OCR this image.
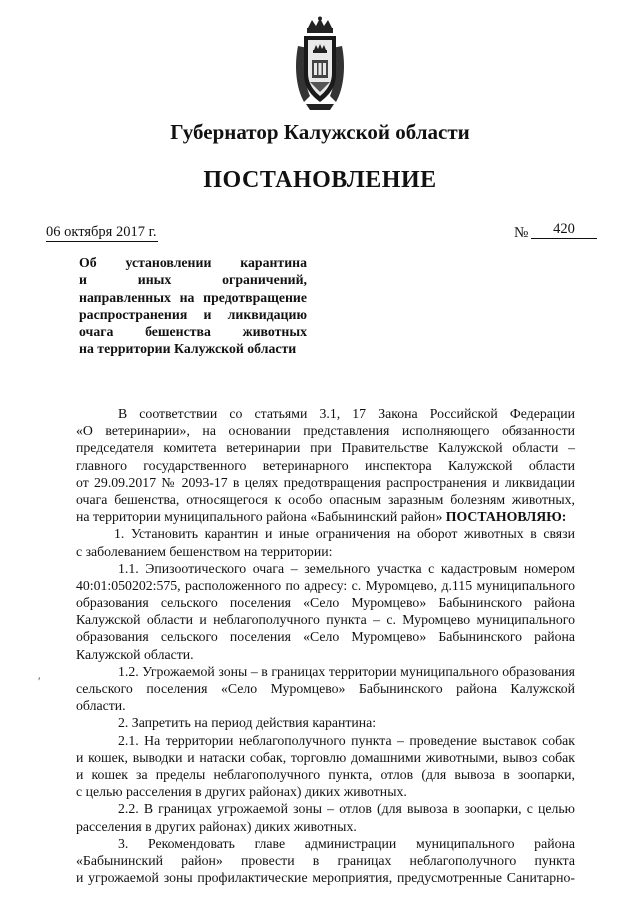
Губернатор Калужской области
ПОСТАНОВЛЕНИЕ
06 октября 2017 г.	№	420
Об установлении карантина
и иных ограничений,
направленных на предотвращение
распространения и ликвидацию
очага бешенства животных
на территории Калужской области
′
В соответствии со статьями 3.1, 17 Закона Российской Федерации
«О ветеринарии», на основании представления исполняющего обязанности
председателя комитета ветеринарии при Правительстве Калужской области –
главного государственного ветеринарного инспектора Калужской области
от 29.09.2017 № 2093-17 в целях предотвращения распространения и ликвидации
очага бешенства, относящегося к особо опасным заразным болезням животных,
на территории муниципального района «Бабынинский район» ПОСТАНОВЛЯЮ:
1. Установить карантин и иные ограничения на оборот животных в связи
с заболеванием бешенством на территории:
1.1. Эпизоотического очага – земельного участка с кадастровым номером
40:01:050202:575, расположенного по адресу: с. Муромцево, д.115 муниципального
образования сельского поселения «Село Муромцево» Бабынинского района
Калужской области и неблагополучного пункта – с. Муромцево муниципального
образования сельского поселения «Село Муромцево» Бабынинского района
Калужской области.
1.2. Угрожаемой зоны – в границах территории муниципального образования
сельского поселения «Село Муромцево» Бабынинского района Калужской
области.
2. Запретить на период действия карантина:
2.1. На территории неблагополучного пункта – проведение выставок собак
и кошек, выводки и натаски собак, торговлю домашними животными, вывоз собак
и кошек за пределы неблагополучного пункта, отлов (для вывоза в зоопарки,
с целью расселения в других районах) диких животных.
2.2. В границах угрожаемой зоны – отлов (для вывоза в зоопарки, с целью
расселения в других районах) диких животных.
3. Рекомендовать главе администрации муниципального района
«Бабынинский район» провести в границах неблагополучного пункта
и угрожаемой зоны профилактические мероприятия, предусмотренные Санитарно-
